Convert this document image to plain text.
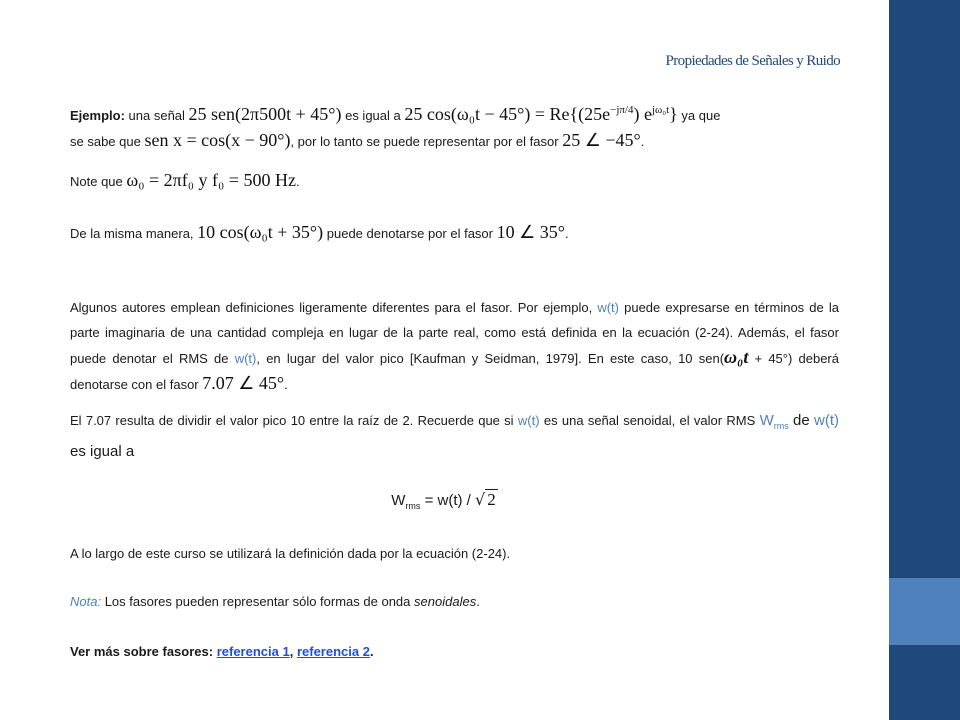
Propiedades de Señales y Ruido
Ejemplo: una señal 25 sen(2π500t + 45°) es igual a 25 $\cos(\omega_0t - 45^\circ) = Re\{(25e^{-j\pi/4})$ $e^{j\omega_0t}$} ya que
se sabe que sen x = cos(x − 90°), por lo tanto se puede representar por el fasor 25 ∠ −45°.
Note que ω₀ = 2πf₀ y f₀ = 500 Hz.
De la misma manera, 10 cos(ω₀t + 35°) puede denotarse por el fasor 10 ∠ 35°.
Algunos autores emplean definiciones ligeramente diferentes para el fasor. Por ejemplo, w(t) puede expresarse en términos de la parte imaginaria de una cantidad compleja en lugar de la parte real, como está definida en la ecuación (2-24). Además, el fasor puede denotar el RMS de w(t), en lugar del valor pico [Kaufman y Seidman, 1979]. En este caso, 10 sen(ω₀t + 45°) deberá denotarse con el fasor 7.07 ∠ 45°.
El 7.07 resulta de dividir el valor pico 10 entre la raíz de 2. Recuerde que si w(t) es una señal senoidal, el valor RMS $W_{rms}$ de w(t) es igual a
$W_{rms} = w(t)$ / √ 2
A lo largo de este curso se utilizará la definición dada por la ecuación (2-24).
Nota: Los fasores pueden representar sólo formas de onda senoidales.
Ver más sobre fasores: referencia 1, referencia 2.
